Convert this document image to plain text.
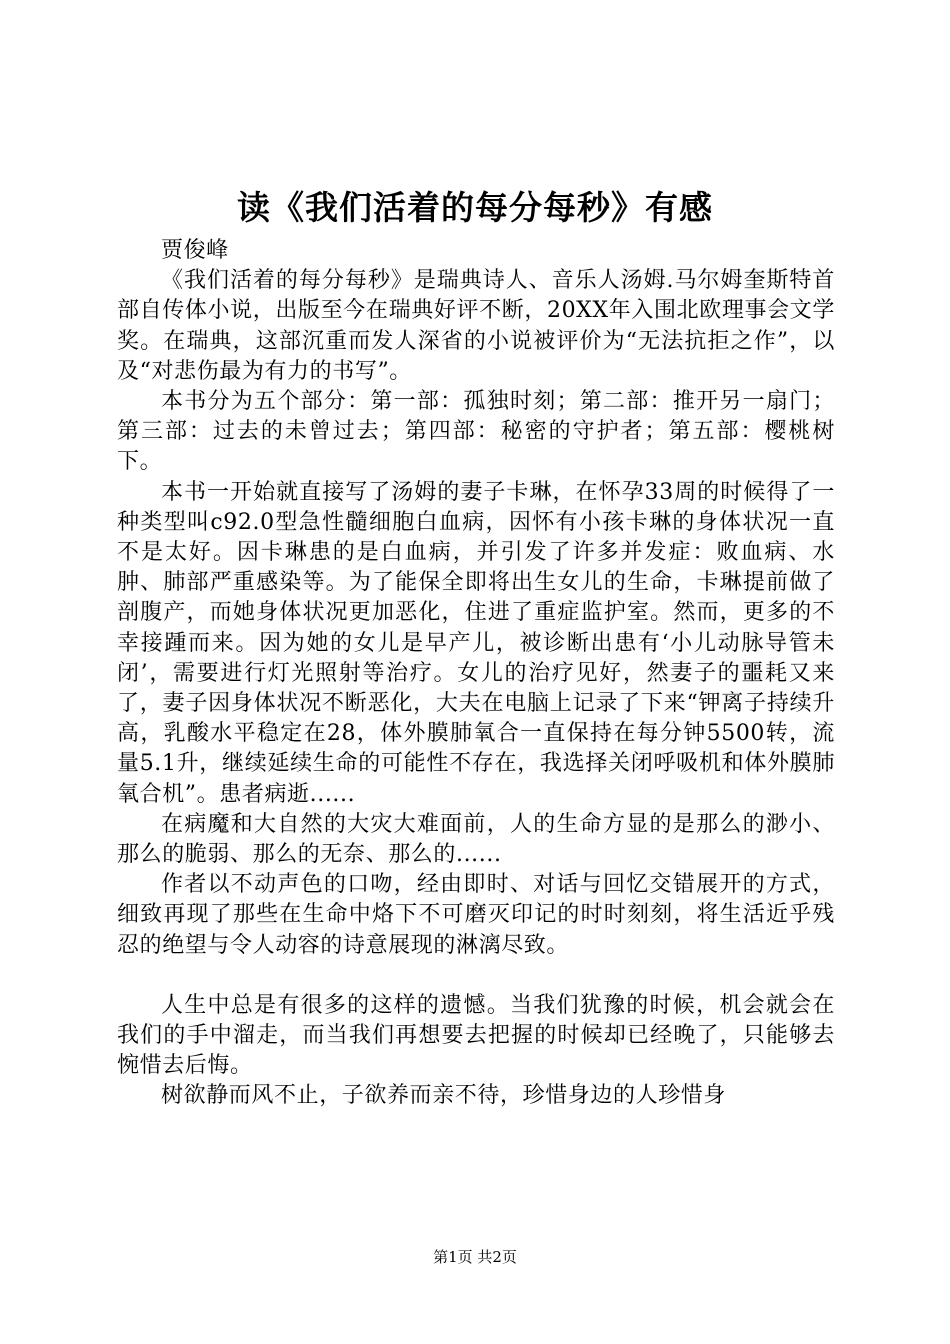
读《我们活着的每分每秒》有感

贾俊峰

《我们活着的每分每秒》是瑞典诗人、音乐人汤姆.马尔姆奎斯特首部自传体小说，出版至今在瑞典好评不断，20XX年入围北欧理事会文学奖。在瑞典，这部沉重而发人深省的小说被评价为“无法抗拒之作”，以及“对悲伤最为有力的书写”。

本书分为五个部分：第一部：孤独时刻；第二部：推开另一扇门；第三部：过去的未曾过去；第四部：秘密的守护者；第五部：樱桃树下。

本书一开始就直接写了汤姆的妻子卡琳，在怀孕33周的时候得了一种类型叫c92.0型急性髓细胞白血病，因怀有小孩卡琳的身体状况一直不是太好。因卡琳患的是白血病，并引发了许多并发症：败血病、水肿、肺部严重感染等。为了能保全即将出生女儿的生命，卡琳提前做了剖腹产，而她身体状况更加恶化，住进了重症监护室。然而，更多的不幸接踵而来。因为她的女儿是早产儿，被诊断出患有‘小儿动脉导管未闭’，需要进行灯光照射等治疗。女儿的治疗见好，然妻子的噩耗又来了，妻子因身体状况不断恶化，大夫在电脑上记录了下来“钾离子持续升高，乳酸水平稳定在28，体外膜肺氧合一直保持在每分钟5500转，流量5.1升，继续延续生命的可能性不存在，我选择关闭呼吸机和体外膜肺氧合机”。患者病逝......

在病魔和大自然的大灾大难面前，人的生命方显的是那么的渺小、那么的脆弱、那么的无奈、那么的......

作者以不动声色的口吻，经由即时、对话与回忆交错展开的方式，细致再现了那些在生命中烙下不可磨灭印记的时时刻刻，将生活近乎残忍的绝望与令人动容的诗意展现的淋漓尽致。

人生中总是有很多的这样的遗憾。当我们犹豫的时候，机会就会在我们的手中溜走，而当我们再想要去把握的时候却已经晚了，只能够去惋惜去后悔。

树欲静而风不止，子欲养而亲不待，珍惜身边的人珍惜身

第1页 共2页
